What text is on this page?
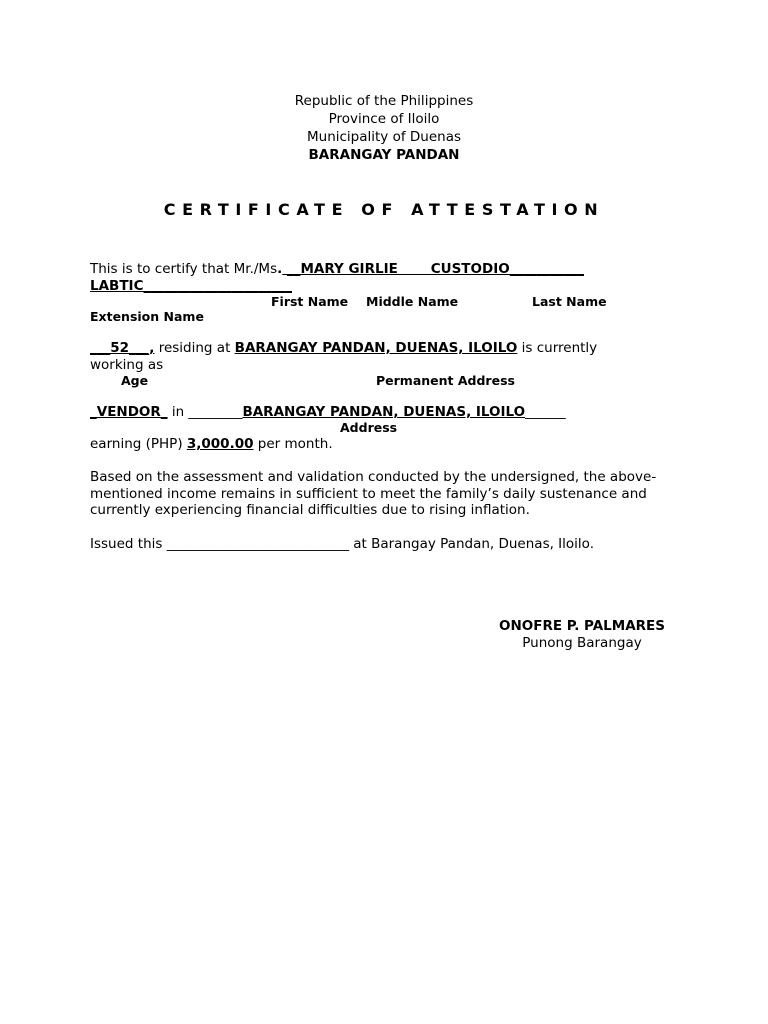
Republic of the Philippines
Province of Iloilo
Municipality of Duenas
BARANGAY PANDAN
CERTIFICATE OF ATTESTATION
This is to certify that Mr./Ms. __MARY GIRLIE       CUSTODIO___________
LABTIC______________________
First Name Middle Name	Last Name
Extension Name
___52___, residing at BARANGAY PANDAN, DUENAS, ILOILO is currently
working as
Age	Permanent Address
_VENDOR_ in ________BARANGAY PANDAN, DUENAS, ILOILO______
Address
earning (PHP) 3,000.00 per month.
Based on the assessment and validation conducted by the undersigned, the above-mentioned income remains in sufficient to meet the family’s daily sustenance and currently experiencing financial difficulties due to rising inflation.
Issued this ___________________________ at Barangay Pandan, Duenas, Iloilo.
ONOFRE P. PALMARES
Punong Barangay
